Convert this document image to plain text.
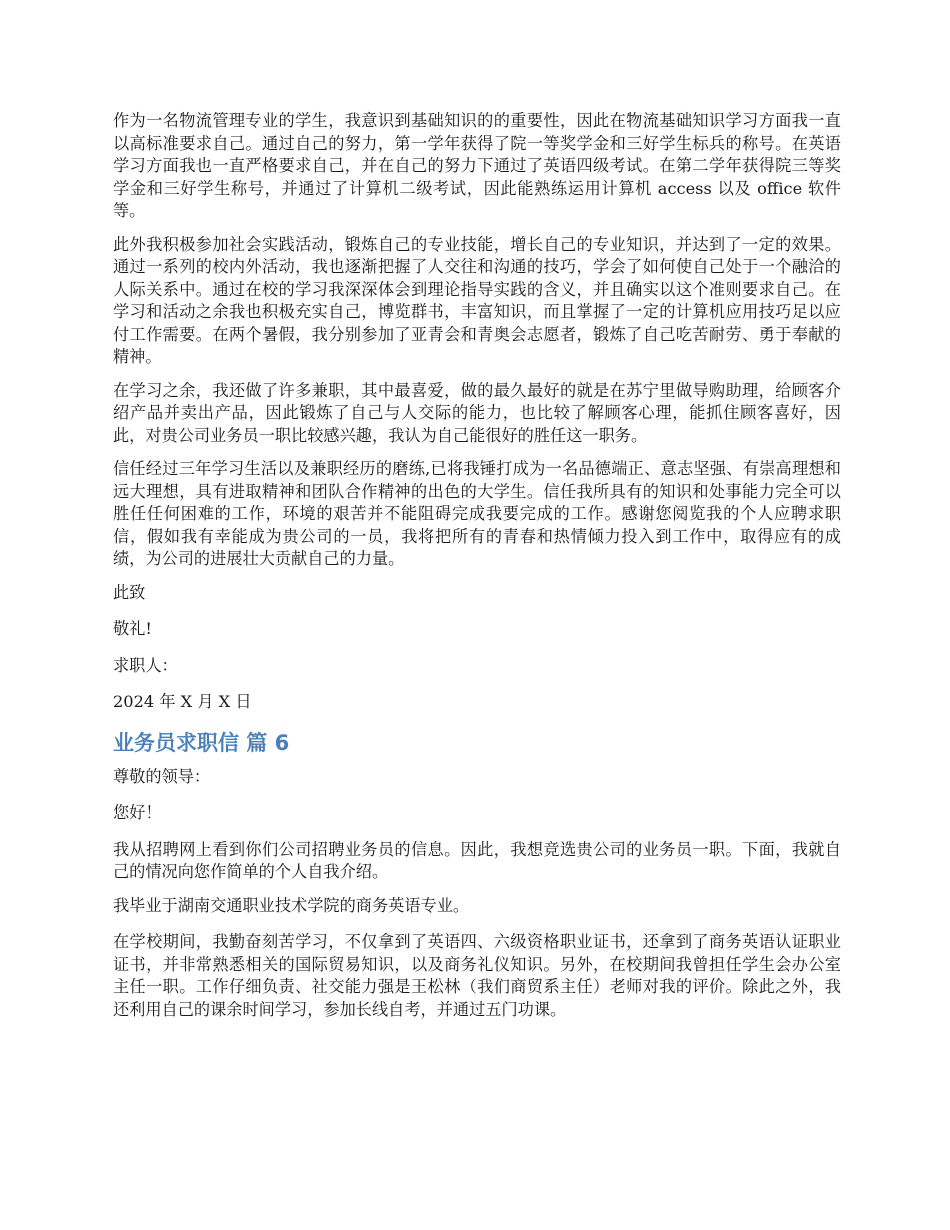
作为一名物流管理专业的学生，我意识到基础知识的的重要性，因此在物流基础知识学习方面我一直以高标准要求自己。通过自己的努力，第一学年获得了院一等奖学金和三好学生标兵的称号。在英语学习方面我也一直严格要求自己，并在自己的努力下通过了英语四级考试。在第二学年获得院三等奖学金和三好学生称号，并通过了计算机二级考试，因此能熟练运用计算机 access 以及 office 软件等。

此外我积极参加社会实践活动，锻炼自己的专业技能，增长自己的专业知识，并达到了一定的效果。通过一系列的校内外活动，我也逐渐把握了人交往和沟通的技巧，学会了如何使自己处于一个融洽的人际关系中。通过在校的学习我深深体会到理论指导实践的含义，并且确实以这个准则要求自己。在学习和活动之余我也积极充实自己，博览群书，丰富知识，而且掌握了一定的计算机应用技巧足以应付工作需要。在两个暑假，我分别参加了亚青会和青奥会志愿者，锻炼了自己吃苦耐劳、勇于奉献的精神。

在学习之余，我还做了许多兼职，其中最喜爱，做的最久最好的就是在苏宁里做导购助理，给顾客介绍产品并卖出产品，因此锻炼了自己与人交际的能力，也比较了解顾客心理，能抓住顾客喜好，因此，对贵公司业务员一职比较感兴趣，我认为自己能很好的胜任这一职务。

信任经过三年学习生活以及兼职经历的磨练,已将我锤打成为一名品德端正、意志坚强、有崇高理想和远大理想，具有进取精神和团队合作精神的出色的大学生。信任我所具有的知识和处事能力完全可以胜任任何困难的工作，环境的艰苦并不能阻碍完成我要完成的工作。感谢您阅览我的个人应聘求职信，假如我有幸能成为贵公司的一员，我将把所有的青春和热情倾力投入到工作中，取得应有的成绩，为公司的进展壮大贡献自己的力量。

此致

敬礼!

求职人：

2024 年 X 月 X 日

业务员求职信 篇 6

尊敬的领导：

您好！

我从招聘网上看到你们公司招聘业务员的信息。因此，我想竞选贵公司的业务员一职。下面，我就自己的情况向您作简单的个人自我介绍。

我毕业于湖南交通职业技术学院的商务英语专业。

在学校期间，我勤奋刻苦学习，不仅拿到了英语四、六级资格职业证书，还拿到了商务英语认证职业证书，并非常熟悉相关的国际贸易知识，以及商务礼仪知识。另外，在校期间我曾担任学生会办公室主任一职。工作仔细负责、社交能力强是王松林（我们商贸系主任）老师对我的评价。除此之外，我还利用自己的课余时间学习，参加长线自考，并通过五门功课。
